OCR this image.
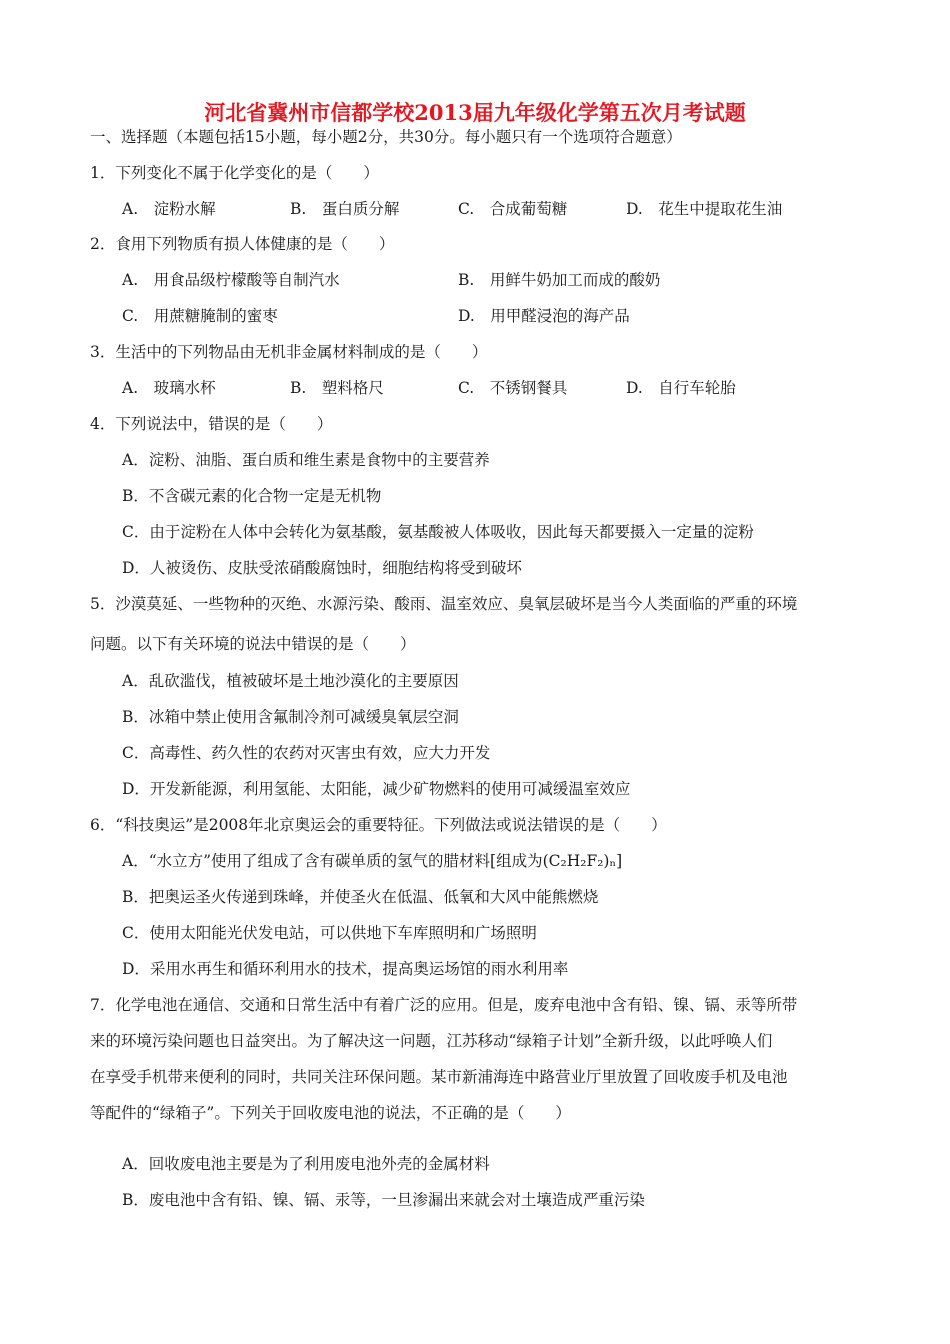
河北省冀州市信都学校2013届九年级化学第五次月考试题
一、选择题（本题包括15小题，每小题2分，共30分。每小题只有一个选项符合题意）
1．下列变化不属于化学变化的是（　　）
A.　淀粉水解	B.　蛋白质分解	C.　合成葡萄糖	D.　花生中提取花生油
2．食用下列物质有损人体健康的是（　　）
A.　用食品级柠檬酸等自制汽水	B.　用鲜牛奶加工而成的酸奶
C.　用蔗糖腌制的蜜枣	D.　用甲醛浸泡的海产品
3．生活中的下列物品由无机非金属材料制成的是（　　）
A.　玻璃水杯	B.　塑料格尺	C.　不锈钢餐具	D.　自行车轮胎
4．下列说法中，错误的是（　　）
A．淀粉、油脂、蛋白质和维生素是食物中的主要营养
B．不含碳元素的化合物一定是无机物
C．由于淀粉在人体中会转化为氨基酸，氨基酸被人体吸收，因此每天都要摄入一定量的淀粉
D．人被烫伤、皮肤受浓硝酸腐蚀时，细胞结构将受到破坏
5．沙漠莫延、一些物种的灭绝、水源污染、酸雨、温室效应、臭氧层破坏是当今人类面临的严重的环境
问题。以下有关环境的说法中错误的是（　　）
A．乱砍滥伐，植被破坏是土地沙漠化的主要原因
B．冰箱中禁止使用含氟制冷剂可减缓臭氧层空洞
C．高毒性、药久性的农药对灭害虫有效，应大力开发
D．开发新能源，利用氢能、太阳能，减少矿物燃料的使用可减缓温室效应
6．“科技奥运”是2008年北京奥运会的重要特征。下列做法或说法错误的是（　　）
A．“水立方”使用了组成了含有碳单质的氢气的腊材料[组成为(C₂H₂F₂)ₙ]
B．把奥运圣火传递到珠峰，并使圣火在低温、低氧和大风中能熊燃烧
C．使用太阳能光伏发电站，可以供地下车库照明和广场照明
D．采用水再生和循环利用水的技术，提高奥运场馆的雨水利用率
7．化学电池在通信、交通和日常生活中有着广泛的应用。但是，废弃电池中含有铅、镍、镉、汞等所带
来的环境污染问题也日益突出。为了解决这一问题，江苏移动“绿箱子计划”全新升级，以此呼唤人们
在享受手机带来便利的同时，共同关注环保问题。某市新浦海连中路营业厅里放置了回收废手机及电池
等配件的“绿箱子”。下列关于回收废电池的说法，不正确的是（　　）
A．回收废电池主要是为了利用废电池外壳的金属材料
B．废电池中含有铅、镍、镉、汞等，一旦渗漏出来就会对土壤造成严重污染
